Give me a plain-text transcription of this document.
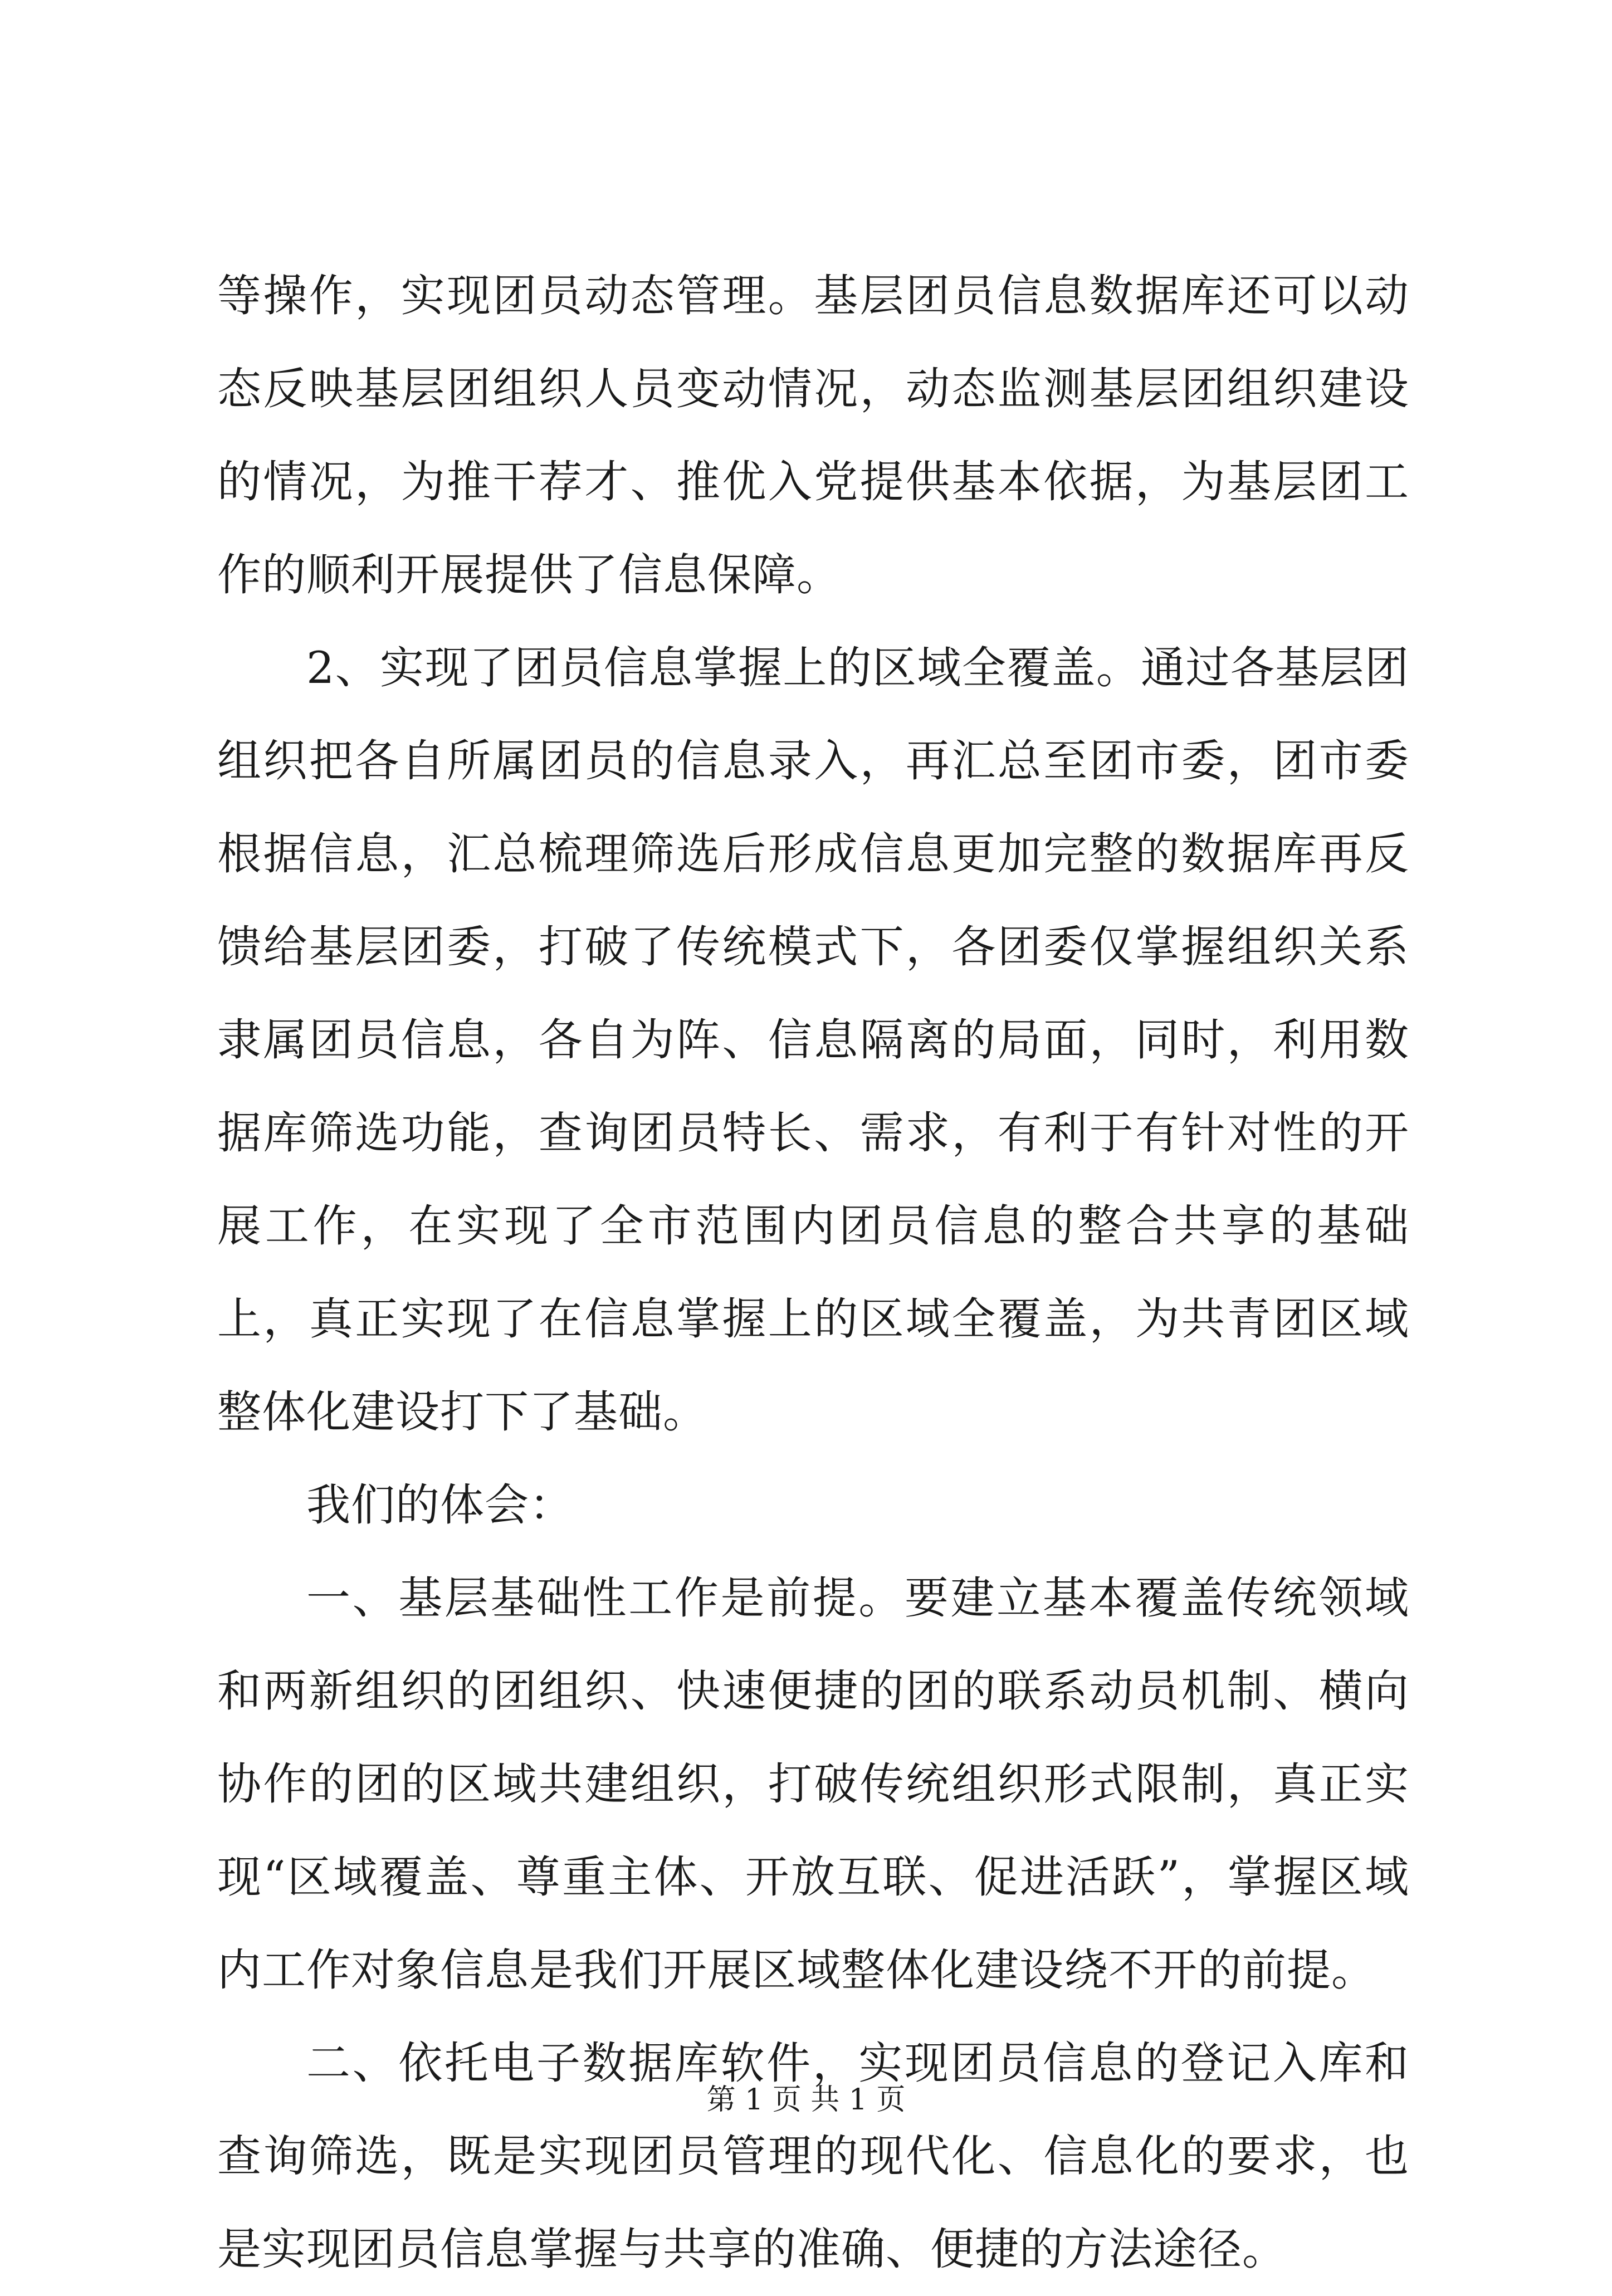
等操作，实现团员动态管理。基层团员信息数据库还可以动态反映基层团组织人员变动情况，动态监测基层团组织建设的情况，为推干荐才、推优入党提供基本依据，为基层团工作的顺利开展提供了信息保障。

2、实现了团员信息掌握上的区域全覆盖。通过各基层团组织把各自所属团员的信息录入，再汇总至团市委，团市委根据信息，汇总梳理筛选后形成信息更加完整的数据库再反馈给基层团委，打破了传统模式下，各团委仅掌握组织关系隶属团员信息，各自为阵、信息隔离的局面，同时，利用数据库筛选功能，查询团员特长、需求，有利于有针对性的开展工作，在实现了全市范围内团员信息的整合共享的基础上，真正实现了在信息掌握上的区域全覆盖，为共青团区域整体化建设打下了基础。

我们的体会：

一、基层基础性工作是前提。要建立基本覆盖传统领域和两新组织的团组织、快速便捷的团的联系动员机制、横向协作的团的区域共建组织，打破传统组织形式限制，真正实现“区域覆盖、尊重主体、开放互联、促进活跃”，掌握区域内工作对象信息是我们开展区域整体化建设绕不开的前提。

二、依托电子数据库软件，实现团员信息的登记入库和查询筛选，既是实现团员管理的现代化、信息化的要求，也是实现团员信息掌握与共享的准确、便捷的方法途径。

第 1 页 共 1 页
